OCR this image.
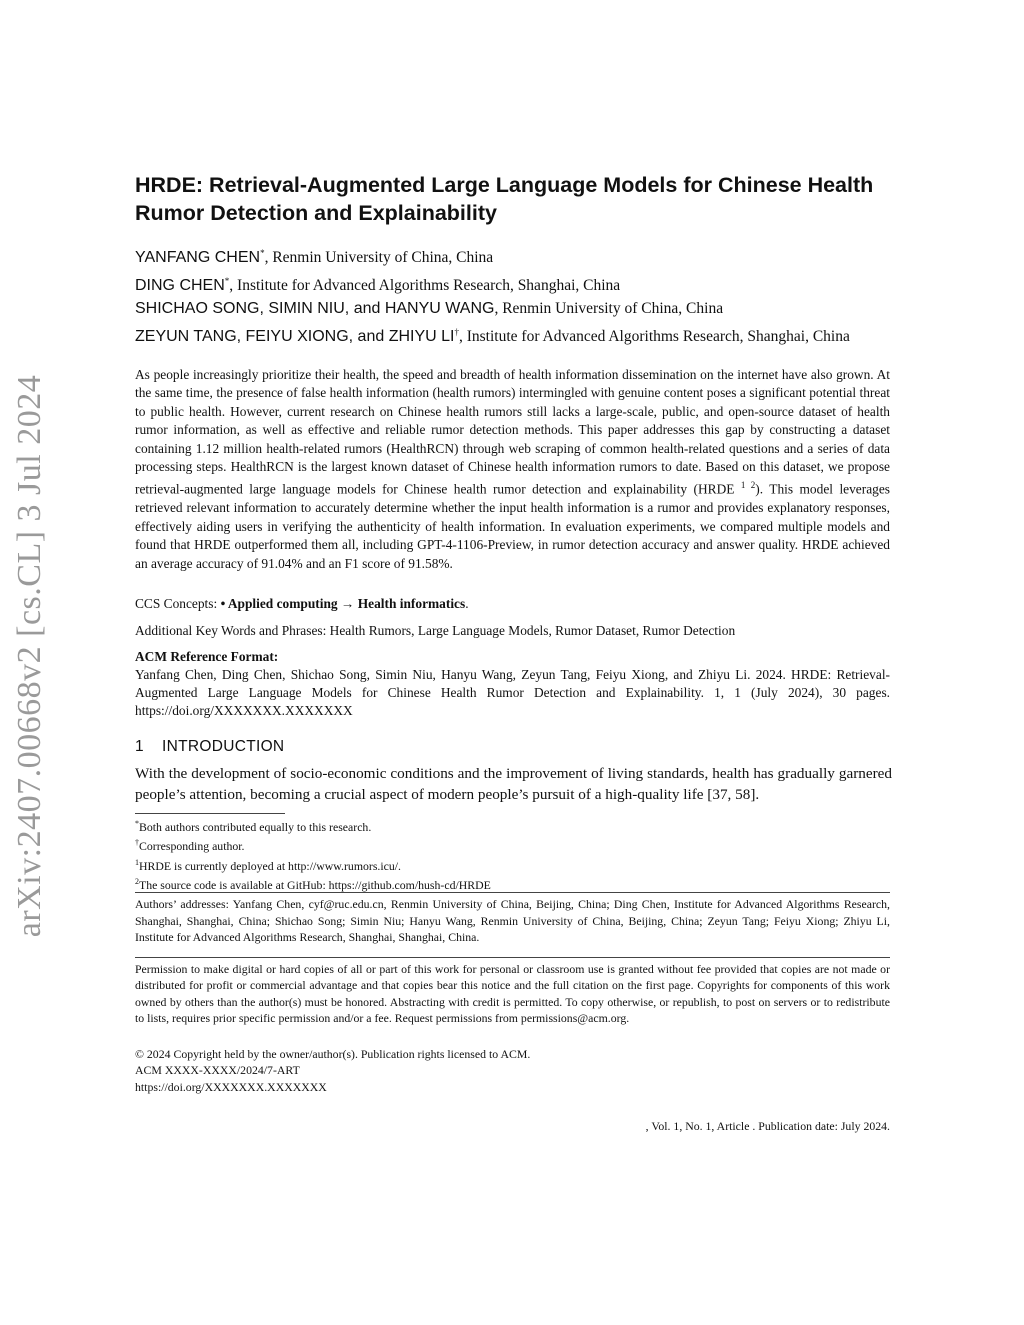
arXiv:2407.00668v2 [cs.CL] 3 Jul 2024
HRDE: Retrieval-Augmented Large Language Models for Chinese Health Rumor Detection and Explainability
YANFANG CHEN*, Renmin University of China, China
DING CHEN*, Institute for Advanced Algorithms Research, Shanghai, China
SHICHAO SONG, SIMIN NIU, and HANYU WANG, Renmin University of China, China
ZEYUN TANG, FEIYU XIONG, and ZHIYU LI†, Institute for Advanced Algorithms Research, Shanghai, China

As people increasingly prioritize their health, the speed and breadth of health information dissemination on the internet have also grown. At the same time, the presence of false health information (health rumors) intermingled with genuine content poses a significant potential threat to public health. However, current research on Chinese health rumors still lacks a large-scale, public, and open-source dataset of health rumor information, as well as effective and reliable rumor detection methods. This paper addresses this gap by constructing a dataset containing 1.12 million health-related rumors (HealthRCN) through web scraping of common health-related questions and a series of data processing steps. HealthRCN is the largest known dataset of Chinese health information rumors to date. Based on this dataset, we propose retrieval-augmented large language models for Chinese health rumor detection and explainability (HRDE $^{1 2}$). This model leverages retrieved relevant information to accurately determine whether the input health information is a rumor and provides explanatory responses, effectively aiding users in verifying the authenticity of health information. In evaluation experiments, we compared multiple models and found that HRDE outperformed them all, including GPT-4-1106-Preview, in rumor detection accuracy and answer quality. HRDE achieved an average accuracy of 91.04% and an F1 score of 91.58%.

CCS Concepts: • Applied computing → Health informatics.
Additional Key Words and Phrases: Health Rumors, Large Language Models, Rumor Dataset, Rumor Detection
ACM Reference Format:
Yanfang Chen, Ding Chen, Shichao Song, Simin Niu, Hanyu Wang, Zeyun Tang, Feiyu Xiong, and Zhiyu Li. 2024. HRDE: Retrieval-Augmented Large Language Models for Chinese Health Rumor Detection and Explainability. 1, 1 (July 2024), 30 pages. https://doi.org/XXXXXXX.XXXXXXX
1 INTRODUCTION

With the development of socio-economic conditions and the improvement of living standards, health has gradually garnered people’s attention, becoming a crucial aspect of modern people’s pursuit of a high-quality life [37, 58].

*Both authors contributed equally to this research.
†Corresponding author.
$^1$HRDE is currently deployed at http://www.rumors.icu/.
$^2$The source code is available at GitHub: https://github.com/hush-cd/HRDE
Authors’ addresses: Yanfang Chen, cyf@ruc.edu.cn, Renmin University of China, Beijing, China; Ding Chen, Institute for Advanced Algorithms Research, Shanghai, Shanghai, China; Shichao Song; Simin Niu; Hanyu Wang, Renmin University of China, Beijing, China; Zeyun Tang; Feiyu Xiong; Zhiyu Li, Institute for Advanced Algorithms Research, Shanghai, Shanghai, China.
Permission to make digital or hard copies of all or part of this work for personal or classroom use is granted without fee provided that copies are not made or distributed for profit or commercial advantage and that copies bear this notice and the full citation on the first page. Copyrights for components of this work owned by others than the author(s) must be honored. Abstracting with credit is permitted. To copy otherwise, or republish, to post on servers or to redistribute to lists, requires prior specific permission and/or a fee. Request permissions from permissions@acm.org.
© 2024 Copyright held by the owner/author(s). Publication rights licensed to ACM.
ACM XXXX-XXXX/2024/7-ART
https://doi.org/XXXXXXX.XXXXXXX
, Vol. 1, No. 1, Article . Publication date: July 2024.
